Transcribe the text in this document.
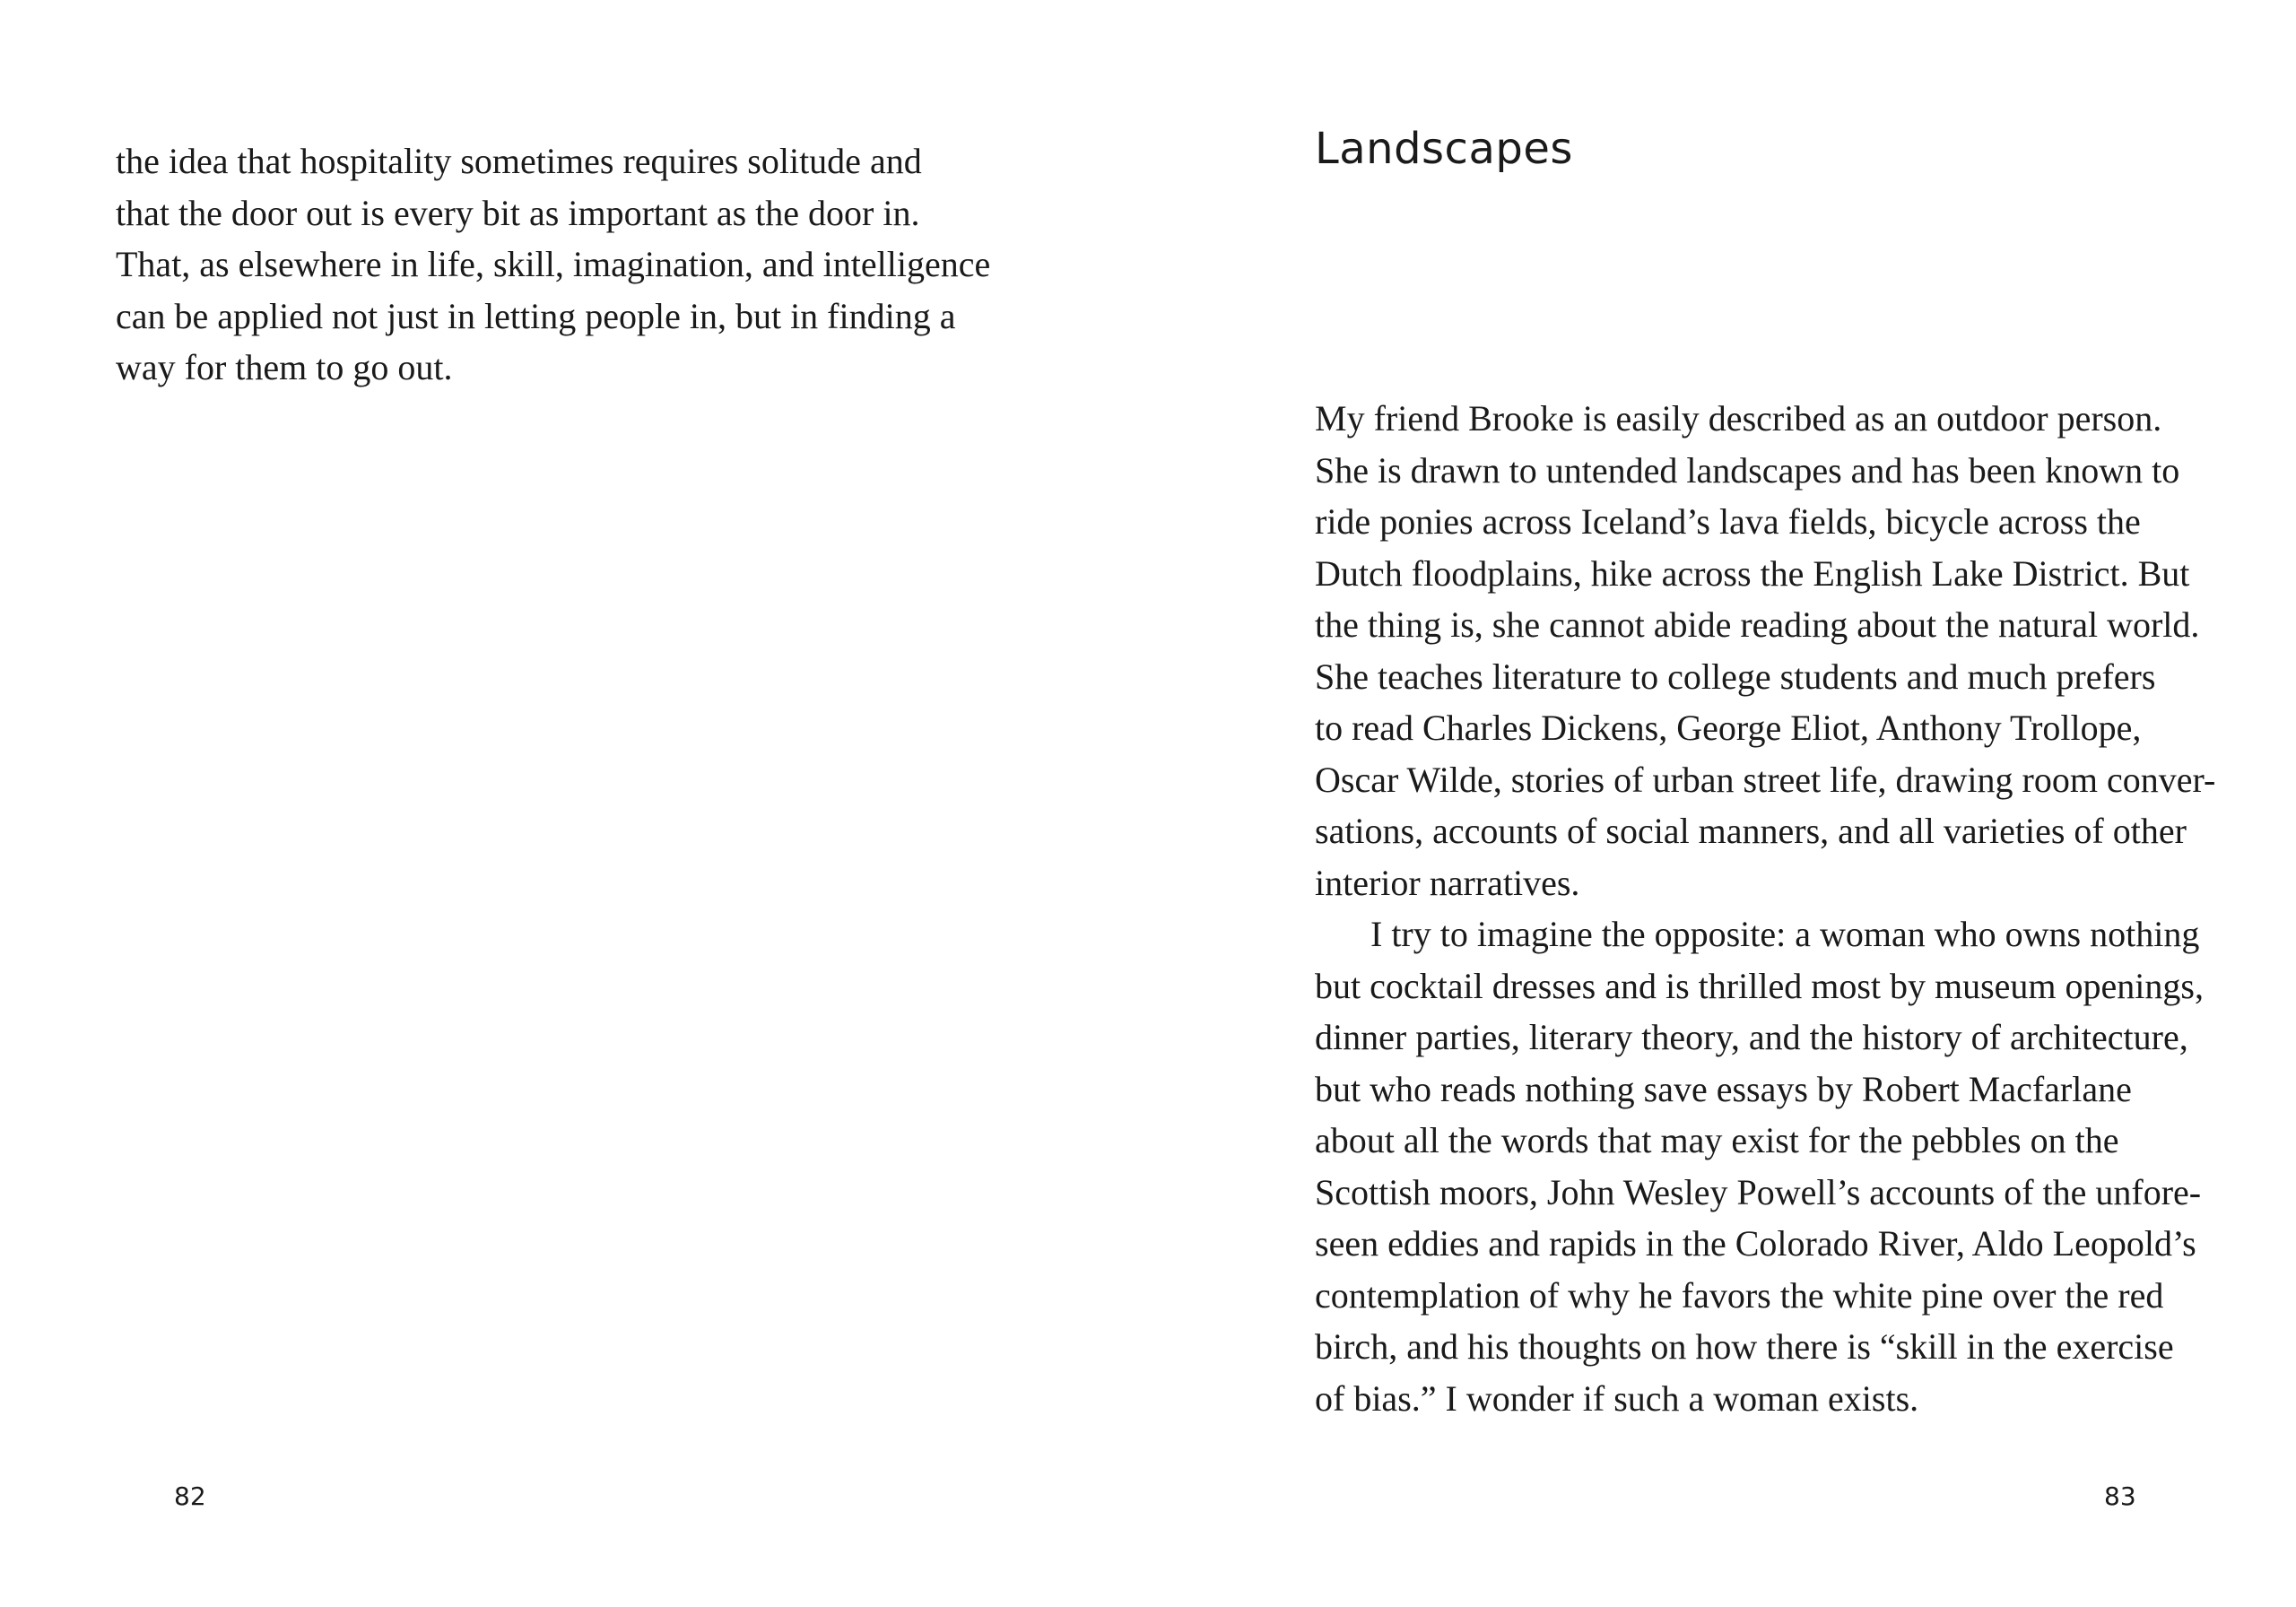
the idea that hospitality sometimes requires solitude and
that the door out is every bit as important as the door in.
That, as elsewhere in life, skill, imagination, and intelligence
can be applied not just in letting people in, but in finding a
way for them to go out.
82
Landscapes
My friend Brooke is easily described as an outdoor person.
She is drawn to untended landscapes and has been known to
ride ponies across Iceland’s lava fields, bicycle across the
Dutch floodplains, hike across the English Lake District. But
the thing is, she cannot abide reading about the natural world.
She teaches literature to college students and much prefers
to read Charles Dickens, George Eliot, Anthony Trollope,
Oscar Wilde, stories of urban street life, drawing room conver-
sations, accounts of social manners, and all varieties of other
interior narratives.
I try to imagine the opposite: a woman who owns nothing
but cocktail dresses and is thrilled most by museum openings,
dinner parties, literary theory, and the history of architecture,
but who reads nothing save essays by Robert Macfarlane
about all the words that may exist for the pebbles on the
Scottish moors, John Wesley Powell’s accounts of the unfore-
seen eddies and rapids in the Colorado River, Aldo Leopold’s
contemplation of why he favors the white pine over the red
birch, and his thoughts on how there is “skill in the exercise
of bias.” I wonder if such a woman exists.
83
